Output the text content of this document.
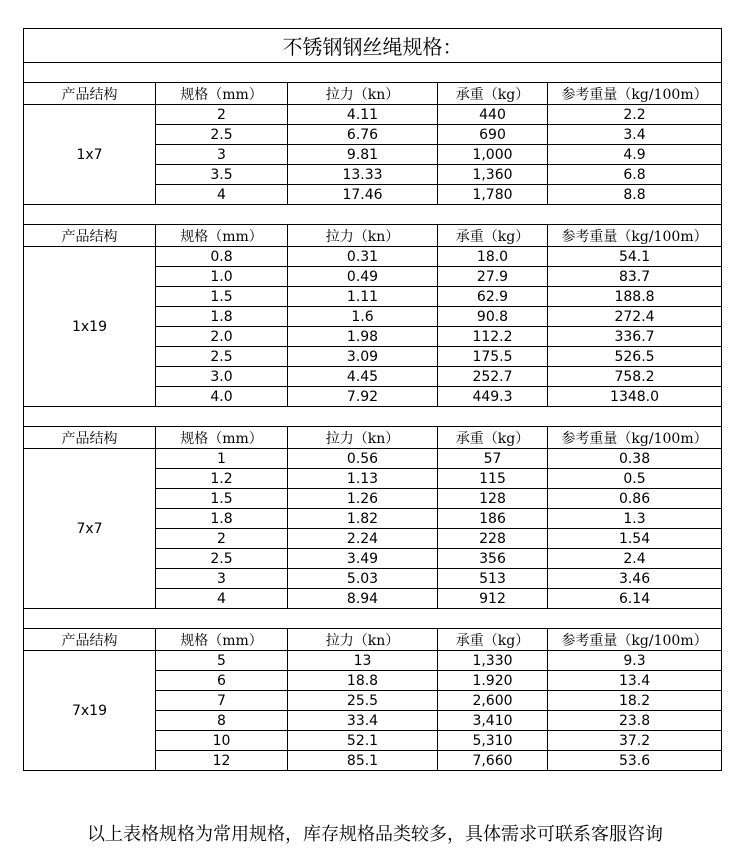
不锈钢钢丝绳规格：				

产品结构	规格（mm）	拉力（kn）	承重（kg）	参考重量（kg/100m）
1x7	2	4.11	440	2.2
	2.5	6.76	690	3.4
	3	9.81	1,000	4.9
	3.5	13.33	1,360	6.8
	4	17.46	1,780	8.8

产品结构	规格（mm）	拉力（kn）	承重（kg）	参考重量（kg/100m）
1x19	0.8	0.31	18.0	54.1
	1.0	0.49	27.9	83.7
	1.5	1.11	62.9	188.8
	1.8	1.6	90.8	272.4
	2.0	1.98	112.2	336.7
	2.5	3.09	175.5	526.5
	3.0	4.45	252.7	758.2
	4.0	7.92	449.3	1348.0

产品结构	规格（mm）	拉力（kn）	承重（kg）	参考重量（kg/100m）
7x7	1	0.56	57	0.38
	1.2	1.13	115	0.5
	1.5	1.26	128	0.86
	1.8	1.82	186	1.3
	2	2.24	228	1.54
	2.5	3.49	356	2.4
	3	5.03	513	3.46
	4	8.94	912	6.14

产品结构	规格（mm）	拉力（kn）	承重（kg）	参考重量（kg/100m）
7x19	5	13	1,330	9.3
	6	18.8	1.920	13.4
	7	25.5	2,600	18.2
	8	33.4	3,410	23.8
	10	52.1	5,310	37.2
	12	85.1	7,660	53.6
以上表格规格为常用规格，库存规格品类较多，具体需求可联系客服咨询
